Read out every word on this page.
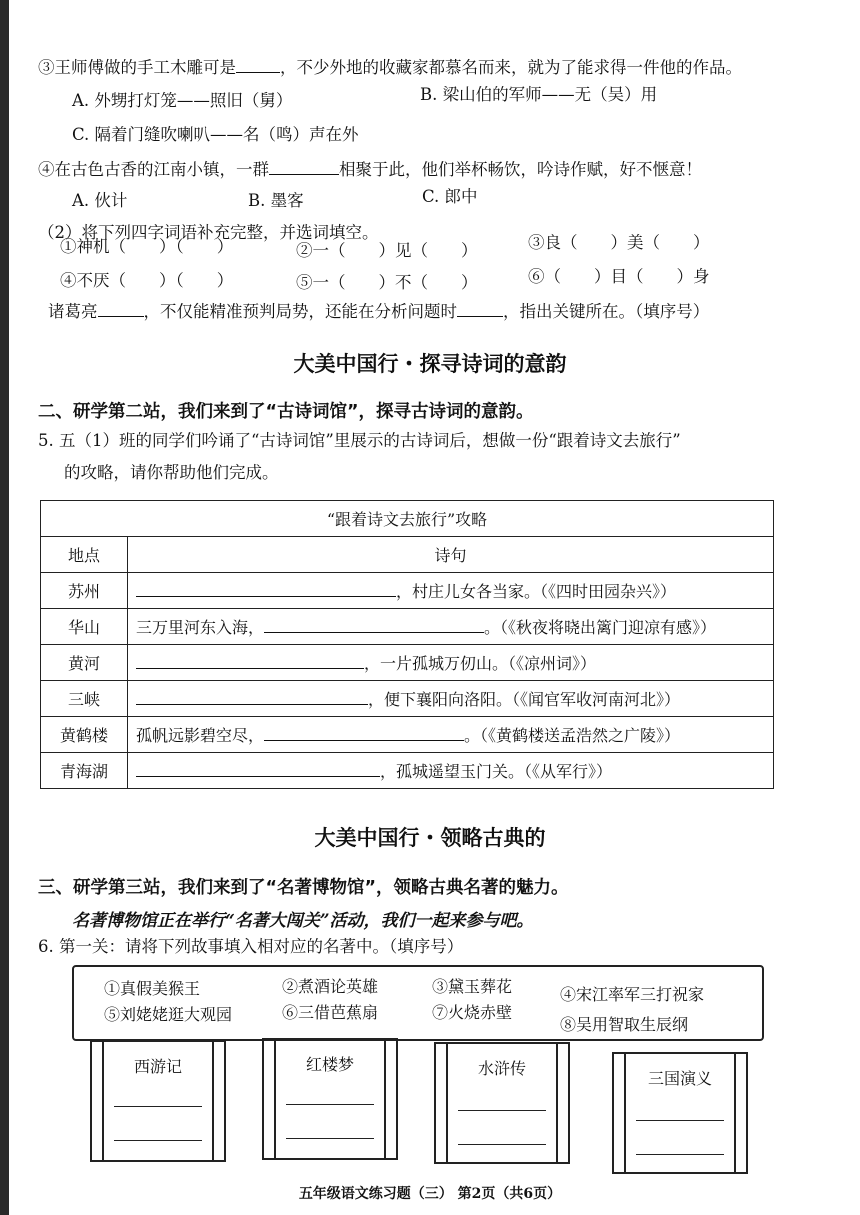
③王师傅做的手工木雕可是	，不少外地的收藏家都慕名而来，就为了能求得一件他的作品。
A. 外甥打灯笼——照旧（舅）	B. 梁山伯的军师——无（吴）用
C. 隔着门缝吹喇叭——名（鸣）声在外
④在古色古香的江南小镇，一群	相聚于此，他们举杯畅饮，吟诗作赋，好不惬意！
A. 伙计	B. 墨客	C. 郎中
（2）将下列四字词语补充完整，并选词填空。
①神机（　　）（　　）	②一（　　）见（　　）	③良（　　）美（　　）
④不厌（　　）（　　）	⑤一（　　）不（　　）	⑥（　　）目（　　）身
诸葛亮	，不仅能精准预判局势，还能在分析问题时	，指出关键所在。（填序号）
大美中国行・探寻诗词的意韵
二、研学第二站，我们来到了“古诗词馆”，探寻古诗词的意韵。
5. 五（1）班的同学们吟诵了“古诗词馆”里展示的古诗词后，想做一份“跟着诗文去旅行”
的攻略，请你帮助他们完成。
“跟着诗文去旅行”攻略	
地点	诗句
苏州	，村庄儿女各当家。（《四时田园杂兴》）
华山	三万里河东入海， 。（《秋夜将晓出篱门迎凉有感》）
黄河	，一片孤城万仞山。（《凉州词》）
三峡	，便下襄阳向洛阳。（《闻官军收河南河北》）
黄鹤楼	孤帆远影碧空尽， 。（《黄鹤楼送孟浩然之广陵》）
青海湖	，孤城遥望玉门关。（《从军行》）
大美中国行・领略古典的
三、研学第三站，我们来到了“名著博物馆”，领略古典名著的魅力。
名著博物馆正在举行“名著大闯关”活动，我们一起来参与吧。
6. 第一关：请将下列故事填入相对应的名著中。（填序号）
①真假美猴王	②煮酒论英雄	③黛玉葬花	④宋江率军三打祝家
⑤刘姥姥逛大观园	⑥三借芭蕉扇	⑦火烧赤壁
⑧吴用智取生辰纲
西游记	红楼梦	水浒传
三国演义
五年级语文练习题（三） 第2页（共6页）
